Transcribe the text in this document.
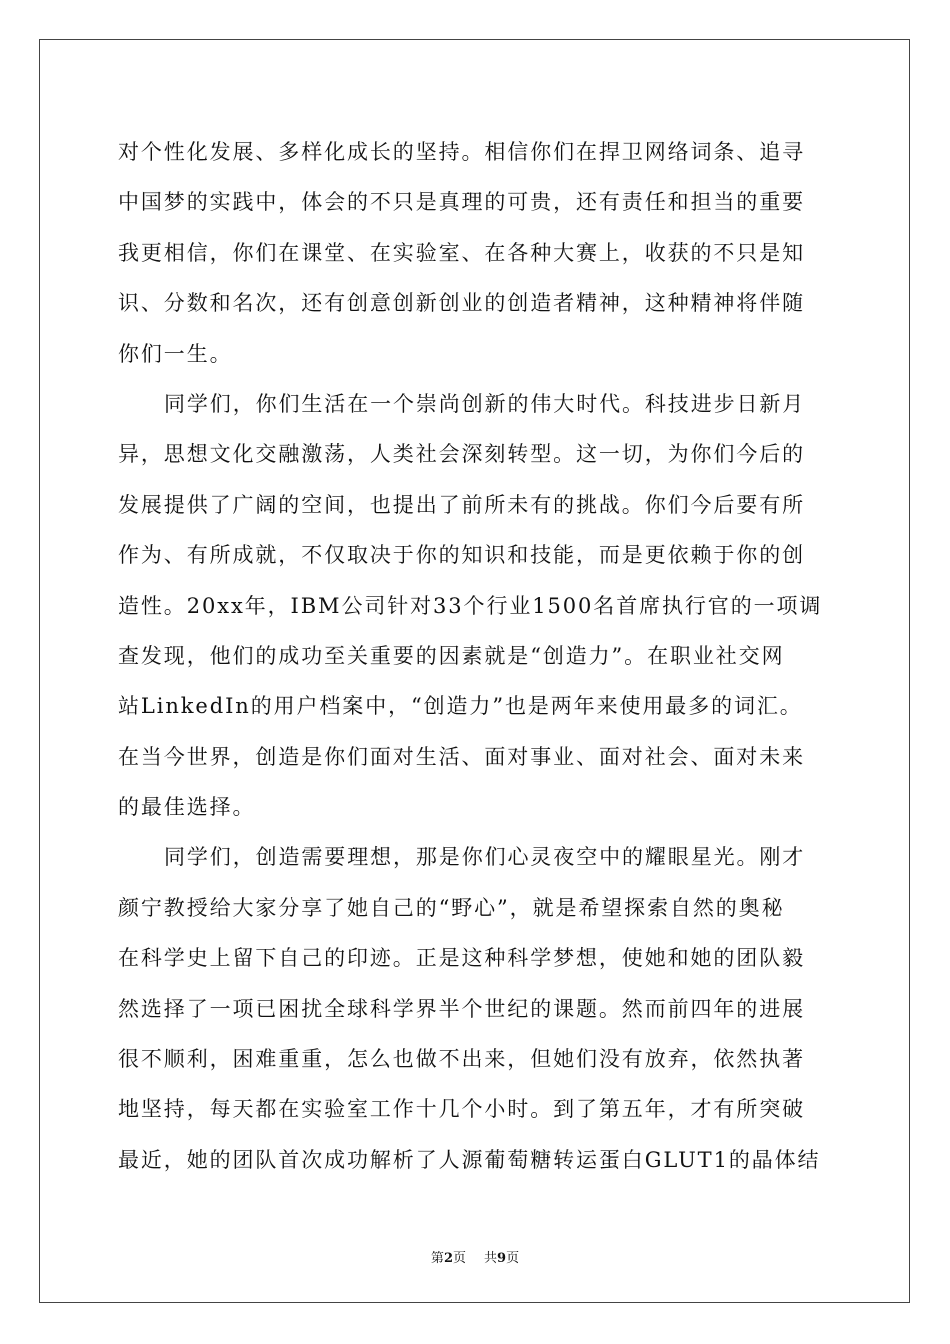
对个性化发展、多样化成长的坚持。相信你们在捍卫网络词条、追寻
中国梦的实践中，体会的不只是真理的可贵，还有责任和担当的重要
我更相信，你们在课堂、在实验室、在各种大赛上，收获的不只是知
识、分数和名次，还有创意创新创业的创造者精神，这种精神将伴随
你们一生。
同学们，你们生活在一个崇尚创新的伟大时代。科技进步日新月
异，思想文化交融激荡，人类社会深刻转型。这一切，为你们今后的
发展提供了广阔的空间，也提出了前所未有的挑战。你们今后要有所
作为、有所成就，不仅取决于你的知识和技能，而是更依赖于你的创
造性。20xx年，IBM公司针对33个行业1500名首席执行官的一项调
查发现，他们的成功至关重要的因素就是“创造力”。在职业社交网
站LinkedIn的用户档案中，“创造力”也是两年来使用最多的词汇。
在当今世界，创造是你们面对生活、面对事业、面对社会、面对未来
的最佳选择。
同学们，创造需要理想，那是你们心灵夜空中的耀眼星光。刚才
颜宁教授给大家分享了她自己的“野心”，就是希望探索自然的奥秘
在科学史上留下自己的印迹。正是这种科学梦想，使她和她的团队毅
然选择了一项已困扰全球科学界半个世纪的课题。然而前四年的进展
很不顺利，困难重重，怎么也做不出来，但她们没有放弃，依然执著
地坚持，每天都在实验室工作十几个小时。到了第五年，才有所突破
最近，她的团队首次成功解析了人源葡萄糖转运蛋白GLUT1的晶体结
第2页 共9页
